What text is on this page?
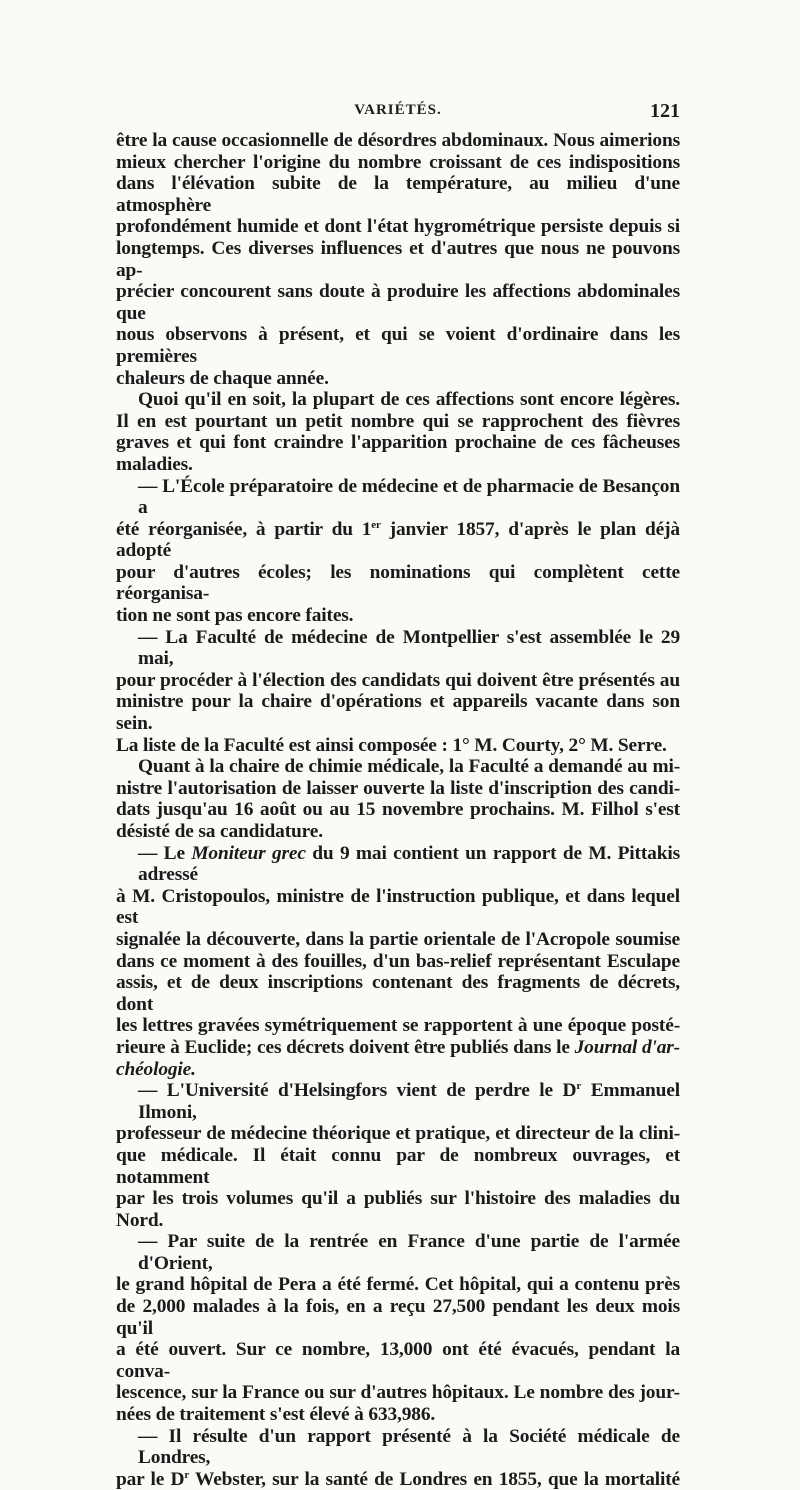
VARIÉTÉS.	121

être la cause occasionnelle de désordres abdominaux. Nous aimerions
mieux chercher l'origine du nombre croissant de ces indispositions
dans l'élévation subite de la température, au milieu d'une atmosphère
profondément humide et dont l'état hygrométrique persiste depuis si
longtemps. Ces diverses influences et d'autres que nous ne pouvons ap-
précier concourent sans doute à produire les affections abdominales que
nous observons à présent, et qui se voient d'ordinaire dans les premières
chaleurs de chaque année.

Quoi qu'il en soit, la plupart de ces affections sont encore légères.
Il en est pourtant un petit nombre qui se rapprochent des fièvres
graves et qui font craindre l'apparition prochaine de ces fâcheuses
maladies.

— L'École préparatoire de médecine et de pharmacie de Besançon a
été réorganisée, à partir du 1er janvier 1857, d'après le plan déjà adopté
pour d'autres écoles; les nominations qui complètent cette réorganisa-
tion ne sont pas encore faites.

— La Faculté de médecine de Montpellier s'est assemblée le 29 mai,
pour procéder à l'élection des candidats qui doivent être présentés au
ministre pour la chaire d'opérations et appareils vacante dans son sein.
La liste de la Faculté est ainsi composée : 1° M. Courty, 2° M. Serre.

Quant à la chaire de chimie médicale, la Faculté a demandé au mi-
nistre l'autorisation de laisser ouverte la liste d'inscription des candi-
dats jusqu'au 16 août ou au 15 novembre prochains. M. Filhol s'est
désisté de sa candidature.

— Le Moniteur grec du 9 mai contient un rapport de M. Pittakis adressé
à M. Cristopoulos, ministre de l'instruction publique, et dans lequel est
signalée la découverte, dans la partie orientale de l'Acropole soumise
dans ce moment à des fouilles, d'un bas-relief représentant Esculape
assis, et de deux inscriptions contenant des fragments de décrets, dont
les lettres gravées symétriquement se rapportent à une époque posté-
rieure à Euclide; ces décrets doivent être publiés dans le Journal d'ar-
chéologie.

— L'Université d'Helsingfors vient de perdre le $D^r$ Emmanuel Ilmoni,
professeur de médecine théorique et pratique, et directeur de la clini-
que médicale. Il était connu par de nombreux ouvrages, et notamment
par les trois volumes qu'il a publiés sur l'histoire des maladies du
Nord.

— Par suite de la rentrée en France d'une partie de l'armée d'Orient,
le grand hôpital de Pera a été fermé. Cet hôpital, qui a contenu près
de 2,000 malades à la fois, en a reçu 27,500 pendant les deux mois qu'il
a été ouvert. Sur ce nombre, 13,000 ont été évacués, pendant la conva-
lescence, sur la France ou sur d'autres hôpitaux. Le nombre des jour-
nées de traitement s'est élevé à 633,986.

— Il résulte d'un rapport présenté à la Société médicale de Londres,
par le $D^r$ Webster, sur la santé de Londres en 1855, que la mortalité
